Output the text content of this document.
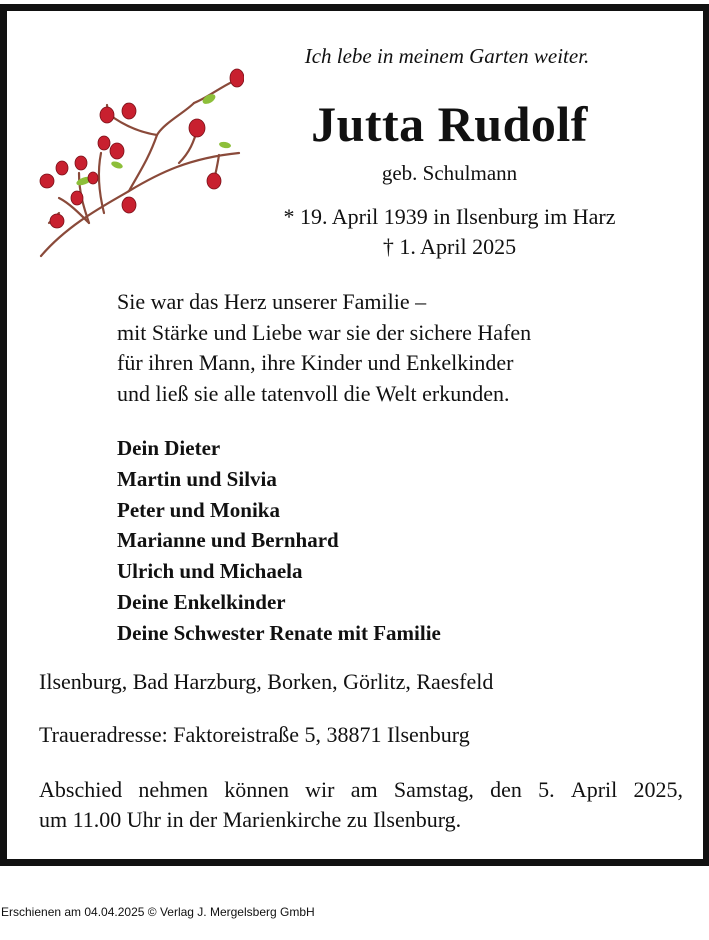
Ich lebe in meinem Garten weiter.
Jutta Rudolf
geb. Schulmann
* 19. April 1939 in Ilsenburg im Harz
† 1. April 2025
Sie war das Herz unserer Familie –
mit Stärke und Liebe war sie der sichere Hafen
für ihren Mann, ihre Kinder und Enkelkinder
und ließ sie alle tatenvoll die Welt erkunden.
Dein Dieter
Martin und Silvia
Peter und Monika
Marianne und Bernhard
Ulrich und Michaela
Deine Enkelkinder
Deine Schwester Renate mit Familie
Ilsenburg, Bad Harzburg, Borken, Görlitz, Raesfeld
Traueradresse: Faktoreistraße 5, 38871 Ilsenburg
Abschied nehmen können wir am Samstag, den 5. April 2025,
um 11.00 Uhr in der Marienkirche zu Ilsenburg.
Erschienen am 04.04.2025 © Verlag J. Mergelsberg GmbH
